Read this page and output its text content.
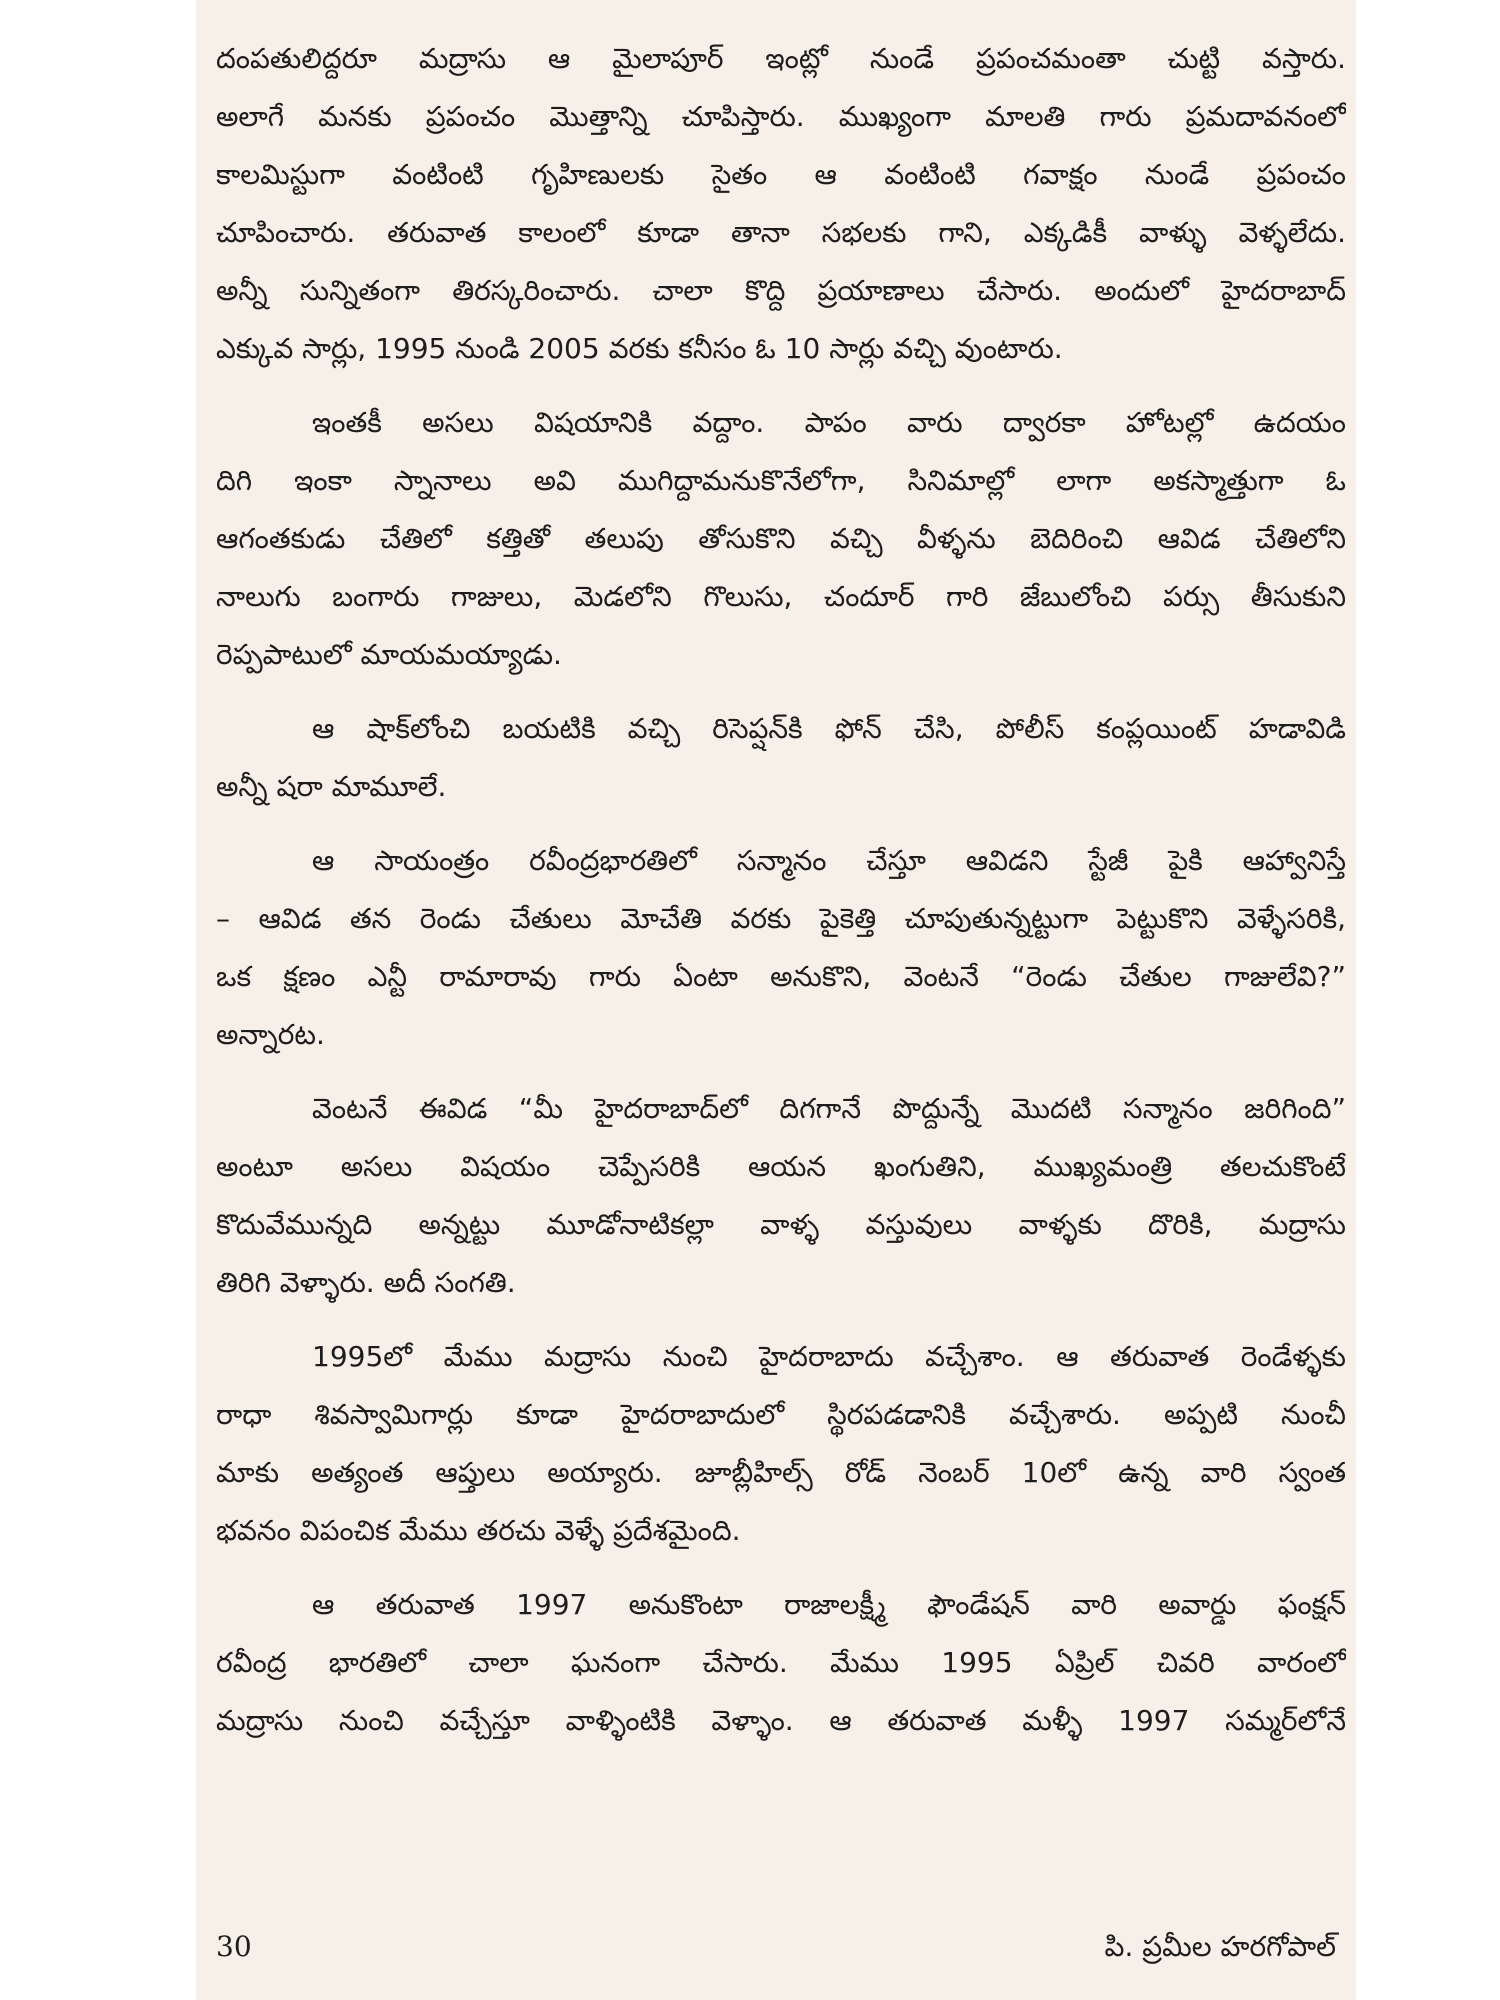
దంపతులిద్దరూ మద్రాసు ఆ మైలాపూర్ ఇంట్లో నుండే ప్రపంచమంతా చుట్టి వస్తారు.

అలాగే మనకు ప్రపంచం మొత్తాన్ని చూపిస్తారు. ముఖ్యంగా మాలతి గారు ప్రమదావనంలో

కాలమిస్టుగా వంటింటి గృహిణులకు సైతం ఆ వంటింటి గవాక్షం నుండే ప్రపంచం

చూపించారు. తరువాత కాలంలో కూడా తానా సభలకు గాని, ఎక్కడికీ వాళ్ళు వెళ్ళలేదు.

అన్నీ సున్నితంగా తిరస్కరించారు. చాలా కొద్ది ప్రయాణాలు చేసారు. అందులో హైదరాబాద్

ఎక్కువ సార్లు, 1995 నుండి 2005 వరకు కనీసం ఓ 10 సార్లు వచ్చి వుంటారు.

ఇంతకీ అసలు విషయానికి వద్దాం. పాపం వారు ద్వారకా హోటల్లో ఉదయం

దిగి ఇంకా స్నానాలు అవి ముగిద్దామనుకొనేలోగా, సినిమాల్లో లాగా అకస్మాత్తుగా ఓ

ఆగంతకుడు చేతిలో కత్తితో తలుపు తోసుకొని వచ్చి వీళ్ళను బెదిరించి ఆవిడ చేతిలోని

నాలుగు బంగారు గాజులు, మెడలోని గొలుసు, చందూర్ గారి జేబులోంచి పర్సు తీసుకుని

రెప్పపాటులో మాయమయ్యాడు.

ఆ షాక్‌లోంచి బయటికి వచ్చి రిసెప్షన్‌కి ఫోన్ చేసి, పోలీస్ కంప్లయింట్ హడావిడి

అన్నీ షరా మామూలే.

ఆ సాయంత్రం రవీంద్రభారతిలో సన్మానం చేస్తూ ఆవిడని స్టేజీ పైకి ఆహ్వానిస్తే

– ఆవిడ తన రెండు చేతులు మోచేతి వరకు పైకెత్తి చూపుతున్నట్టుగా పెట్టుకొని వెళ్ళేసరికి,

ఒక క్షణం ఎన్టీ రామారావు గారు ఏంటా అనుకొని, వెంటనే “రెండు చేతుల గాజులేవి?”

అన్నారట.

వెంటనే ఈవిడ “మీ హైదరాబాద్‌లో దిగగానే పొద్దున్నే మొదటి సన్మానం జరిగింది”

అంటూ అసలు విషయం చెప్పేసరికి ఆయన ఖంగుతిని, ముఖ్యమంత్రి తలచుకొంటే

కొదువేమున్నది అన్నట్టు మూడోనాటికల్లా వాళ్ళ వస్తువులు వాళ్ళకు దొరికి, మద్రాసు

తిరిగి వెళ్ళారు. అదీ సంగతి.

1995లో మేము మద్రాసు నుంచి హైదరాబాదు వచ్చేశాం. ఆ తరువాత రెండేళ్ళకు

రాధా శివస్వామిగార్లు కూడా హైదరాబాదులో స్థిరపడడానికి వచ్చేశారు. అప్పటి నుంచీ

మాకు అత్యంత ఆప్తులు అయ్యారు. జూబ్లీహిల్స్ రోడ్ నెంబర్ 10లో ఉన్న వారి స్వంత

భవనం విపంచిక మేము తరచు వెళ్ళే ప్రదేశమైంది.

ఆ తరువాత 1997 అనుకొంటా రాజాలక్ష్మీ ఫౌండేషన్ వారి అవార్డు ఫంక్షన్

రవీంద్ర భారతిలో చాలా ఘనంగా చేసారు. మేము 1995 ఏప్రిల్ చివరి వారంలో

మద్రాసు నుంచి వచ్చేస్తూ వాళ్ళింటికి వెళ్ళాం. ఆ తరువాత మళ్ళీ 1997 సమ్మర్‌లోనే

30	పి. ప్రమీల హరగోపాల్
